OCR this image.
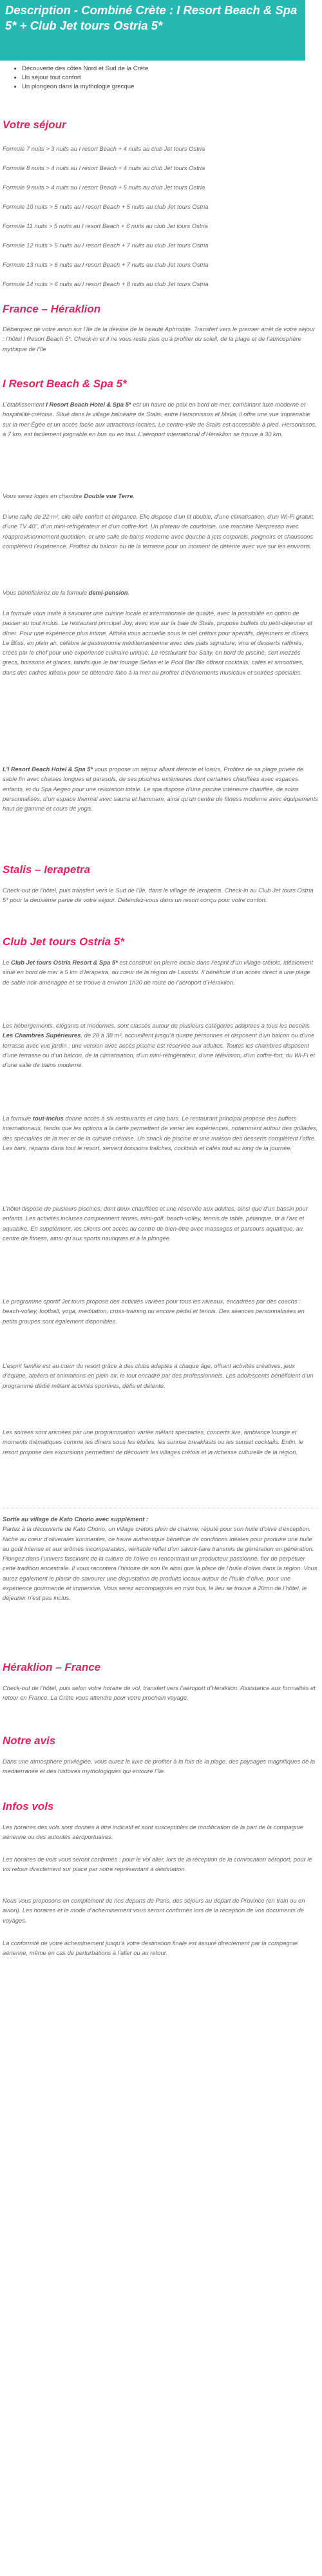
Description - Combiné Crète : I Resort Beach & Spa 5* + Club Jet tours Ostria 5*
• Découverte des côtes Nord et Sud de la Crète
• Un séjour tout confort
• Un plongeon dans la mythologie grecque
Votre séjour

Formule 7 nuits > 3 nuits au I resort Beach + 4 nuits au club Jet tours Ostria

Formule 8 nuits > 4 nuits au I resort Beach + 4 nuits au club Jet tours Ostria

Formule 9 nuits > 4 nuits au I resort Beach + 5 nuits au club Jet tours Ostria

Formule 10 nuits > 5 nuits au I resort Beach + 5 nuits au club Jet tours Ostria

Formule 11 nuits > 5 nuits au I resort Beach + 6 nuits au club Jet tours Ostria

Formule 12 nuits > 5 nuits au I resort Beach + 7 nuits au club Jet tours Ostria

Formule 13 nuits > 6 nuits au I resort Beach + 7 nuits au club Jet tours Ostria

Formule 14 nuits > 6 nuits au I resort Beach + 8 nuits au club Jet tours Ostria

France – Héraklion

Débarquez de votre avion sur l’île de la déesse de la beauté Aphrodite. Transfert vers le premier arrêt de votre séjour : l’hôtel I Resort Beach 5*. Check-in et il ne vous reste plus qu’à profiter du soleil, de la plage et de l’atmosphère mythique de l’île

I Resort Beach & Spa 5*

L’établissement I Resort Beach Hotel & Spa 5* est un havre de paix en bord de mer, combinant luxe moderne et hospitalité crétoise. Situé dans le village balnéaire de Stalis, entre Hersonissos et Malia, il offre une vue imprenable sur la mer Égée et un accès facile aux attractions locales. Le centre-ville de Stalis est accessible à pied. Hersonissos, à 7 km, est facilement joignable en bus ou en taxi. L’aéroport international d’Héraklion se trouve à 30 km.

Vous serez logés en chambre Double vue Terre.

D’une taille de 22 m², elle allie confort et élégance. Elle dispose d’un lit double, d’une climatisation, d’un Wi-Fi gratuit, d’une TV 40'', d’un mini-réfrigérateur et d’un coffre-fort. Un plateau de courtoisie, une machine Nespresso avec réapprovisionnement quotidien, et une salle de bains moderne avec douche à jets corporels, peignoirs et chaussons complètent l’expérience. Profitez du balcon ou de la terrasse pour un moment de détente avec vue sur les environs.

Vous bénéficierez de la formule demi-pension.

La formule vous invite à savourer une cuisine locale et internationale de qualité, avec la possibilité en option de passer au tout inclus. Le restaurant principal Joy, avec vue sur la baie de Stalis, propose buffets du petit-déjeuner et dîner. Pour une expérience plus intime, Althéa vous accueille sous le ciel crétois pour apéritifs, déjeuners et dîners. Le Bliss, en plein air, célèbre la gastronomie méditerranéenne avec des plats signature, vins et desserts raffinés, créés par le chef pour une expérience culinaire unique. Le restaurant bar Salty, en bord de piscine, sert mezzés grecs, boissons et glaces, tandis que le bar lounge Selias et le Pool Bar Ble offrent cocktails, cafés et smoothies, dans des cadres idéaux pour se détendre face à la mer ou profiter d’événements musicaux et soirées spéciales.

L’I Resort Beach Hotel & Spa 5* vous propose un séjour alliant détente et loisirs. Profitez de sa plage privée de sable fin avec chaises longues et parasols, de ses piscines extérieures dont certaines chauffées avec espaces enfants, et du Spa Aegeo pour une relaxation totale. Le spa dispose d’une piscine intérieure chauffée, de soins personnalisés, d’un espace thermal avec sauna et hammam, ainsi qu’un centre de fitness moderne avec équipements haut de gamme et cours de yoga.

Stalis – Ierapetra

Check-out de l’hôtel, puis transfert vers le Sud de l’île, dans le village de Ierapetra. Check-in au Club Jet tours Ostria 5* pour la deuxième partie de votre séjour. Détendez-vous dans un resort conçu pour votre confort.

Club Jet tours Ostria 5*

Le Club Jet tours Ostria Resort & Spa 5* est construit en pierre locale dans l’esprit d’un village crétois, idéalement situé en bord de mer à 5 km d’Ierapetra, au cœur de la région de Lassithi. Il bénéficie d’un accès direct à une plage de sable noir aménagée et se trouve à environ 1h30 de route de l’aéroport d’Héraklion.

Les hébergements, élégants et modernes, sont classés autour de plusieurs catégories adaptées à tous les besoins. Les Chambres Supérieures, de 28 à 38 m², accueillent jusqu’à quatre personnes et disposent d’un balcon ou d’une terrasse avec vue jardin ; une version avec accès piscine est réservée aux adultes. Toutes les chambres disposent d’une terrasse ou d’un balcon, de la climatisation, d’un mini-réfrigérateur, d’une télévision, d’un coffre-fort, du Wi-Fi et d’une salle de bains moderne.

La formule tout-inclus donne accès à six restaurants et cinq bars. Le restaurant principal propose des buffets internationaux, tandis que les options à la carte permettent de varier les expériences, notamment autour des grillades, des spécialités de la mer et de la cuisine crétoise. Un snack de piscine et une maison des desserts complètent l’offre. Les bars, répartis dans tout le resort, servent boissons fraîches, cocktails et cafés tout au long de la journée.

L’hôtel dispose de plusieurs piscines, dont deux chauffées et une réservée aux adultes, ainsi que d’un bassin pour enfants. Les activités incluses comprennent tennis, mini-golf, beach-volley, tennis de table, pétanque, tir à l’arc et aquabike. En supplément, les clients ont accès au centre de bien-être avec massages et parcours aquatique, au centre de fitness, ainsi qu’aux sports nautiques et à la plongée.

Le programme sportif Jet tours propose des activités variées pour tous les niveaux, encadrées par des coachs : beach-volley, football, yoga, méditation, cross-training ou encore pédal et tennis. Des séances personnalisées en petits groupes sont également disponibles.

L’esprit famille est au cœur du resort grâce à des clubs adaptés à chaque âge, offrant activités créatives, jeux d’équipe, ateliers et animations en plein air, le tout encadré par des professionnels. Les adolescents bénéficient d’un programme dédié mêlant activités sportives, défis et détente.

Les soirées sont animées par une programmation variée mêlant spectacles, concerts live, ambiance lounge et moments thématiques comme les dîners sous les étoiles, les sunrise breakfasts ou les sunset cocktails. Enfin, le resort propose des excursions permettant de découvrir les villages crétois et la richesse culturelle de la région.

Sortie au village de Kato Chorio avec supplément :
Partez à la découverte de Kato Chorio, un village crétois plein de charme, réputé pour son huile d’olive d’exception. Niché au cœur d’oliveraies luxuriantes, ce havre authentique bénéficie de conditions idéales pour produire une huile au goût intense et aux arômes incomparables, véritable reflet d’un savoir-faire transmis de génération en génération. Plongez dans l’univers fascinant de la culture de l’olive en rencontrant un producteur passionné, fier de perpétuer cette tradition ancestrale. Il vous racontera l’histoire de son île ainsi que la place de l’huile d’olive dans la région. Vous aurez également le plaisir de savourer une dégustation de produits locaux autour de l’huile d’olive, pour une expérience gourmande et immersive. Vous serez accompagnés en mini bus, le lieu se trouve à 20mn de l’hôtel, le déjeuner n’est pas inclus.

Héraklion – France

Check-out de l’hôtel, puis selon votre horaire de vol, transfert vers l’aéroport d’Héraklion. Assistance aux formalités et retour en France. La Crète vous attendre pour votre prochain voyage.

Notre avis

Dans une atmosphère privilégiée, vous aurez le luxe de profiter à la fois de la plage, des paysages magnifiques de la méditerranée et des histoires mythologiques qui entoure l’île.

Infos vols

Les horaires des vols sont donnés à titre indicatif et sont susceptibles de modification de la part de la compagnie aérienne ou des autorités aéroportuaires.

Les horaires de vols vous seront confirmés : pour le vol aller, lors de la réception de la convocation aéroport, pour le vol retour directement sur place par notre représentant à destination.

Nous vous proposons en complément de nos départs de Paris, des séjours au départ de Province (en train ou en avion). Les horaires et le mode d’acheminement vous seront confirmés lors de la réception de vos documents de voyages.

La conformité de votre acheminement jusqu’à votre destination finale est assuré directement par la compagnie aérienne, même en cas de perturbations à l’aller ou au retour.
